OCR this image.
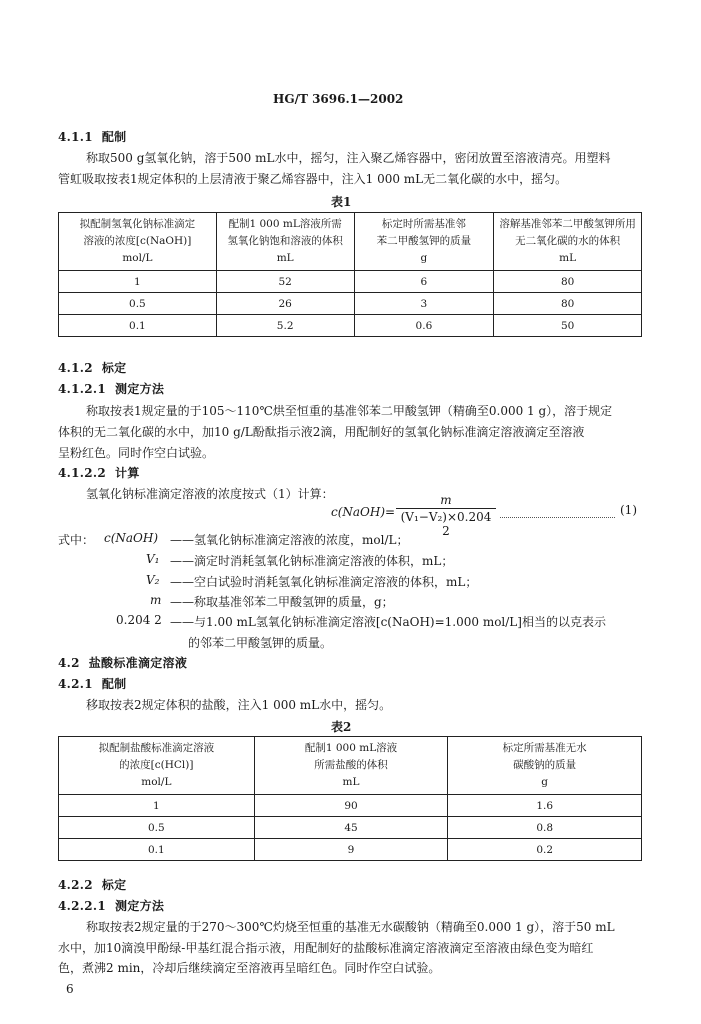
HG/T 3696.1—2002
4.1.1 配制
称取500 g氢氧化钠，溶于500 mL水中，摇匀，注入聚乙烯容器中，密闭放置至溶液清亮。用塑料
管虹吸取按表1规定体积的上层清液于聚乙烯容器中，注入1 000 mL无二氧化碳的水中，摇匀。
表1
拟配制氢氧化钠标准滴定
溶液的浓度[c(NaOH)]
mol/L	配制1 000 mL溶液所需
氢氧化钠饱和溶液的体积
mL	标定时所需基准邻
苯二甲酸氢钾的质量
g	溶解基准邻苯二甲酸氢钾所用
无二氧化碳的水的体积
mL

1	52	6	80
0.5	26	3	80
0.1	5.2	0.6	50
4.1.2 标定
4.1.2.1 测定方法
称取按表1规定量的于105～110℃烘至恒重的基准邻苯二甲酸氢钾（精确至0.000 1 g），溶于规定
体积的无二氧化碳的水中，加10 g/L酚酞指示液2滴，用配制好的氢氧化钠标准滴定溶液滴定至溶液
呈粉红色。同时作空白试验。
4.1.2.2 计算
氢氧化钠标准滴定溶液的浓度按式（1）计算：
c(NaOH)=
m
(V₁−V₂)×0.204 2
(1)
式中： c(NaOH) ——氢氧化钠标准滴定溶液的浓度，mol/L；
V₁ ——滴定时消耗氢氧化钠标准滴定溶液的体积，mL；
V₂ ——空白试验时消耗氢氧化钠标准滴定溶液的体积，mL；
m ——称取基准邻苯二甲酸氢钾的质量，g；
0.204 2 ——与1.00 mL氢氧化钠标准滴定溶液[c(NaOH)=1.000 mol/L]相当的以克表示
的邻苯二甲酸氢钾的质量。
4.2 盐酸标准滴定溶液
4.2.1 配制
移取按表2规定体积的盐酸，注入1 000 mL水中，摇匀。
表2
拟配制盐酸标准滴定溶液
的浓度[c(HCl)]
mol/L	配制1 000 mL溶液
所需盐酸的体积
mL	标定所需基准无水
碳酸钠的质量
g

1	90	1.6
0.5	45	0.8
0.1	9	0.2
4.2.2 标定
4.2.2.1 测定方法
称取按表2规定量的于270～300℃灼烧至恒重的基准无水碳酸钠（精确至0.000 1 g），溶于50 mL
水中，加10滴溴甲酚绿-甲基红混合指示液，用配制好的盐酸标准滴定溶液滴定至溶液由绿色变为暗红
色，煮沸2 min，冷却后继续滴定至溶液再呈暗红色。同时作空白试验。
6
